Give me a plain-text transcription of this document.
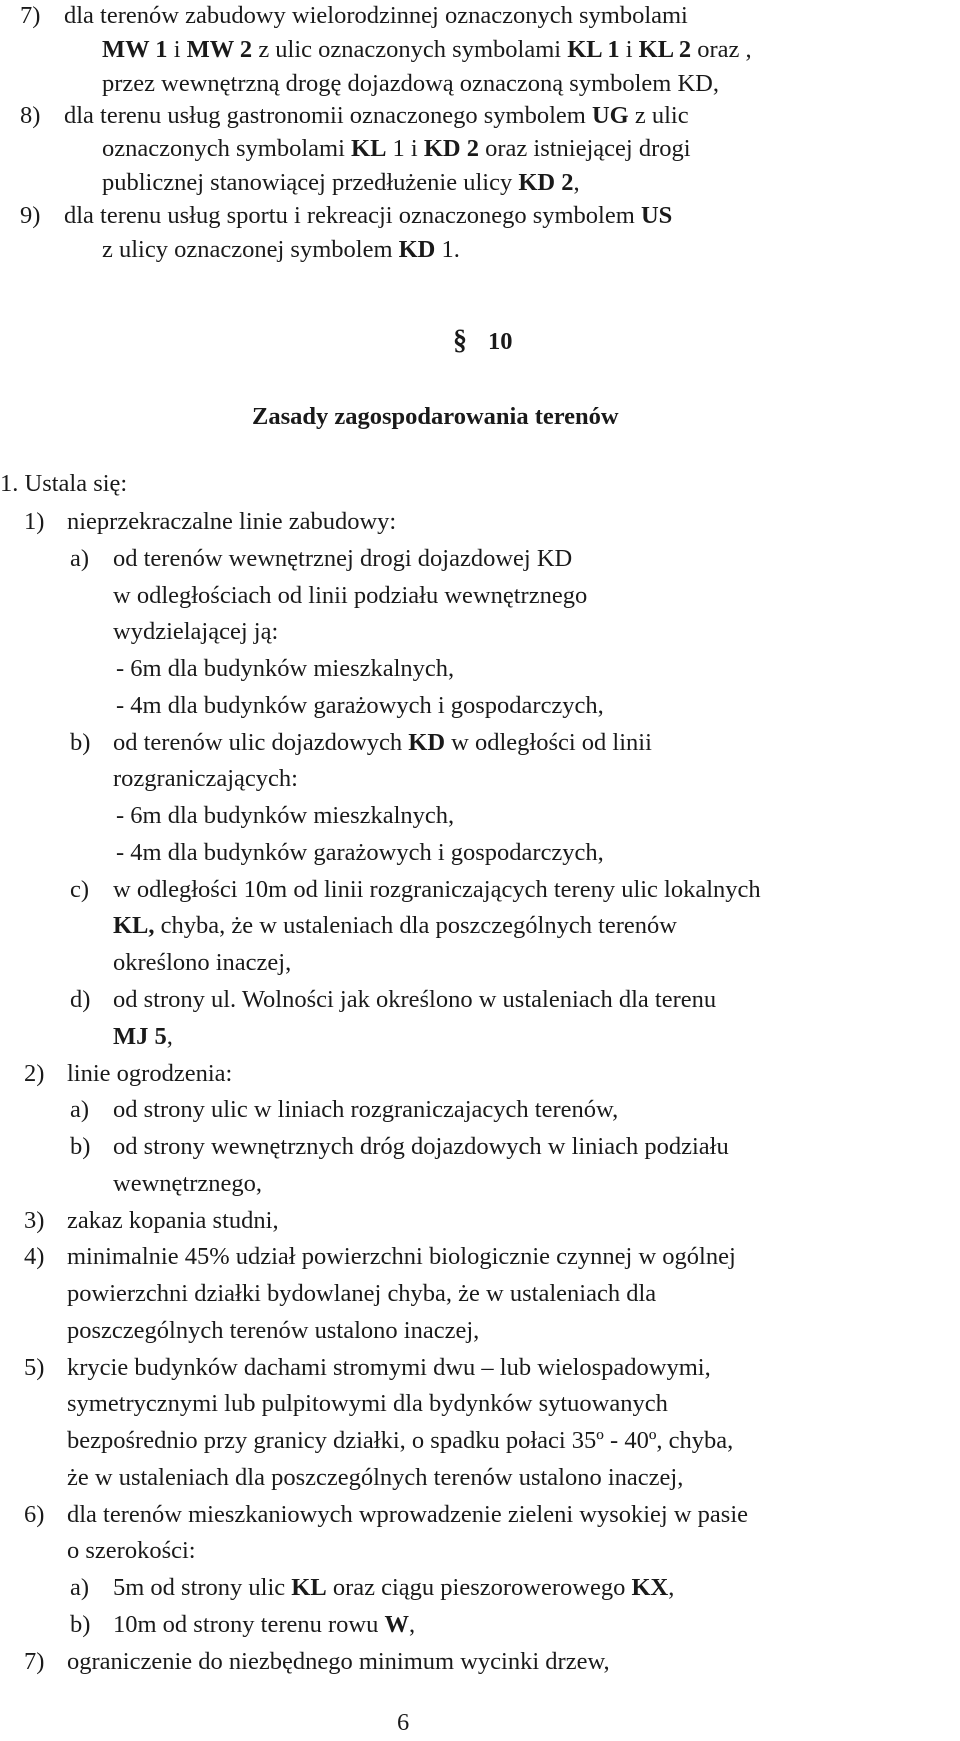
7) dla terenów zabudowy wielorodzinnej oznaczonych symbolami
MW 1 i MW 2 z ulic oznaczonych symbolami KL 1 i KL 2 oraz ,
przez wewnętrzną drogę dojazdową oznaczoną symbolem KD,
8) dla terenu usług gastronomii oznaczonego symbolem UG z ulic
oznaczonych symbolami KL 1 i KD 2 oraz istniejącej drogi
publicznej stanowiącej przedłużenie ulicy KD 2,
9) dla terenu usług sportu i rekreacji oznaczonego symbolem US
z ulicy oznaczonej symbolem KD 1.
§ 10
Zasady zagospodarowania terenów
1. Ustala się:
1) nieprzekraczalne linie zabudowy:
a) od terenów wewnętrznej drogi dojazdowej KD
w odległościach od linii podziału wewnętrznego
wydzielającej ją:
- 6m dla budynków mieszkalnych,
- 4m dla budynków garażowych i gospodarczych,
b) od terenów ulic dojazdowych KD w odległości od linii
rozgraniczających:
- 6m dla budynków mieszkalnych,
- 4m dla budynków garażowych i gospodarczych,
c) w odległości 10m od linii rozgraniczających tereny ulic lokalnych
KL, chyba, że w ustaleniach dla poszczególnych terenów
określono inaczej,
d) od strony ul. Wolności jak określono w ustaleniach dla terenu
MJ 5,
2) linie ogrodzenia:
a) od strony ulic w liniach rozgraniczajacych terenów,
b) od strony wewnętrznych dróg dojazdowych w liniach podziału
wewnętrznego,
3) zakaz kopania studni,
4) minimalnie 45% udział powierzchni biologicznie czynnej w ogólnej
powierzchni działki bydowlanej chyba, że w ustaleniach dla
poszczególnych terenów ustalono inaczej,
5) krycie budynków dachami stromymi dwu – lub wielospadowymi,
symetrycznymi lub pulpitowymi dla bydynków sytuowanych
bezpośrednio przy granicy działki, o spadku połaci 35º - 40º, chyba,
że w ustaleniach dla poszczególnych terenów ustalono inaczej,
6) dla terenów mieszkaniowych wprowadzenie zieleni wysokiej w pasie
o szerokości:
a) 5m od strony ulic KL oraz ciągu pieszorowerowego KX,
b) 10m od strony terenu rowu W,
7) ograniczenie do niezbędnego minimum wycinki drzew,
6
